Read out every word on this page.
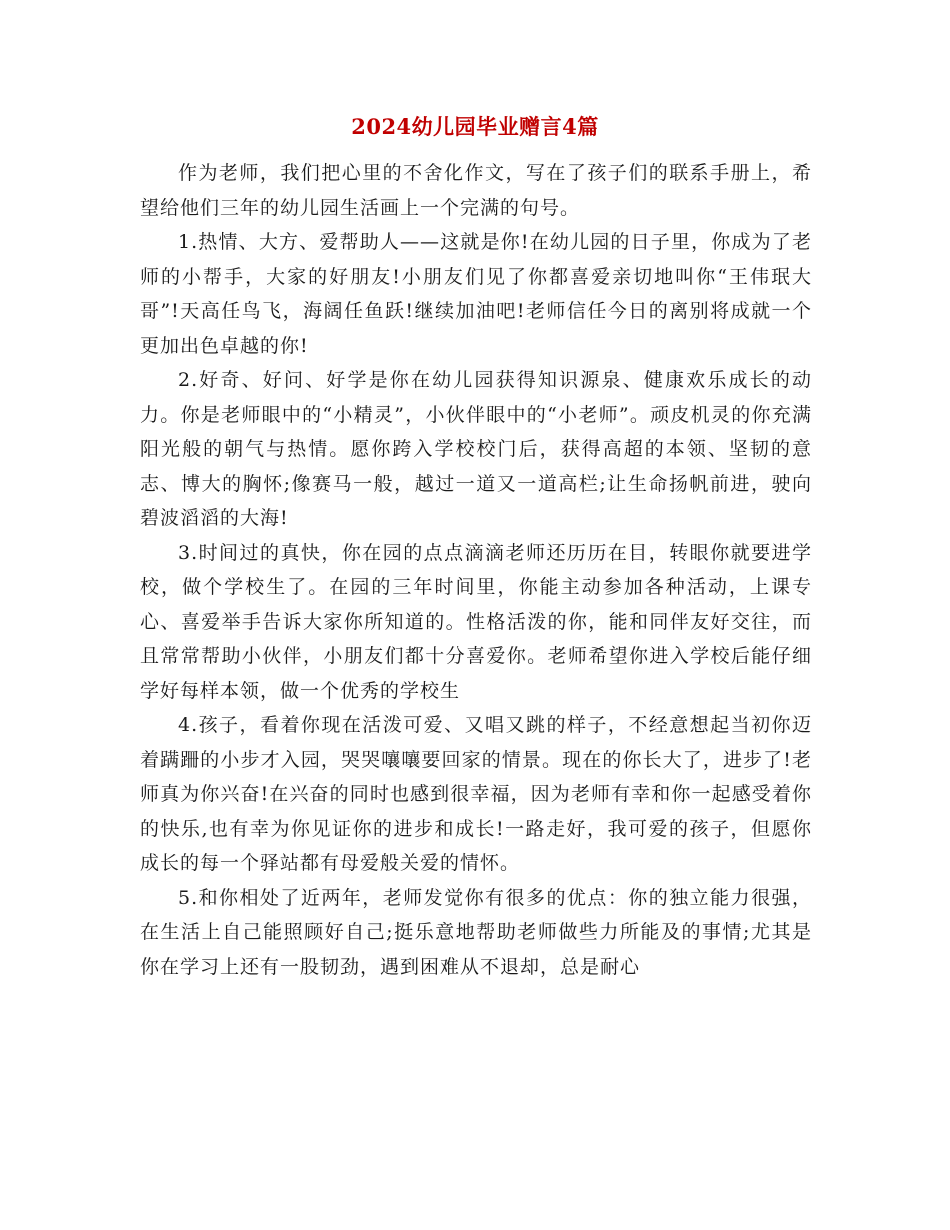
2024幼儿园毕业赠言4篇

作为老师，我们把心里的不舍化作文，写在了孩子们的联系手册上，希望给他们三年的幼儿园生活画上一个完满的句号。

1.热情、大方、爱帮助人——这就是你!在幼儿园的日子里，你成为了老师的小帮手，大家的好朋友!小朋友们见了你都喜爱亲切地叫你“王伟珉大哥”!天高任鸟飞，海阔任鱼跃!继续加油吧!老师信任今日的离别将成就一个更加出色卓越的你!

2.好奇、好问、好学是你在幼儿园获得知识源泉、健康欢乐成长的动力。你是老师眼中的“小精灵”，小伙伴眼中的“小老师”。顽皮机灵的你充满阳光般的朝气与热情。愿你跨入学校校门后，获得高超的本领、坚韧的意志、博大的胸怀;像赛马一般，越过一道又一道高栏;让生命扬帆前进，驶向碧波滔滔的大海!

3.时间过的真快，你在园的点点滴滴老师还历历在目，转眼你就要进学校，做个学校生了。在园的三年时间里，你能主动参加各种活动，上课专心、喜爱举手告诉大家你所知道的。性格活泼的你，能和同伴友好交往，而且常常帮助小伙伴，小朋友们都十分喜爱你。老师希望你进入学校后能仔细学好每样本领，做一个优秀的学校生

4.孩子，看着你现在活泼可爱、又唱又跳的样子，不经意想起当初你迈着蹒跚的小步才入园，哭哭嚷嚷要回家的情景。现在的你长大了，进步了!老师真为你兴奋!在兴奋的同时也感到很幸福，因为老师有幸和你一起感受着你的快乐,也有幸为你见证你的进步和成长!一路走好，我可爱的孩子，但愿你成长的每一个驿站都有母爱般关爱的情怀。

5.和你相处了近两年，老师发觉你有很多的优点：你的独立能力很强，在生活上自己能照顾好自己;挺乐意地帮助老师做些力所能及的事情;尤其是你在学习上还有一股韧劲，遇到困难从不退却，总是耐心
